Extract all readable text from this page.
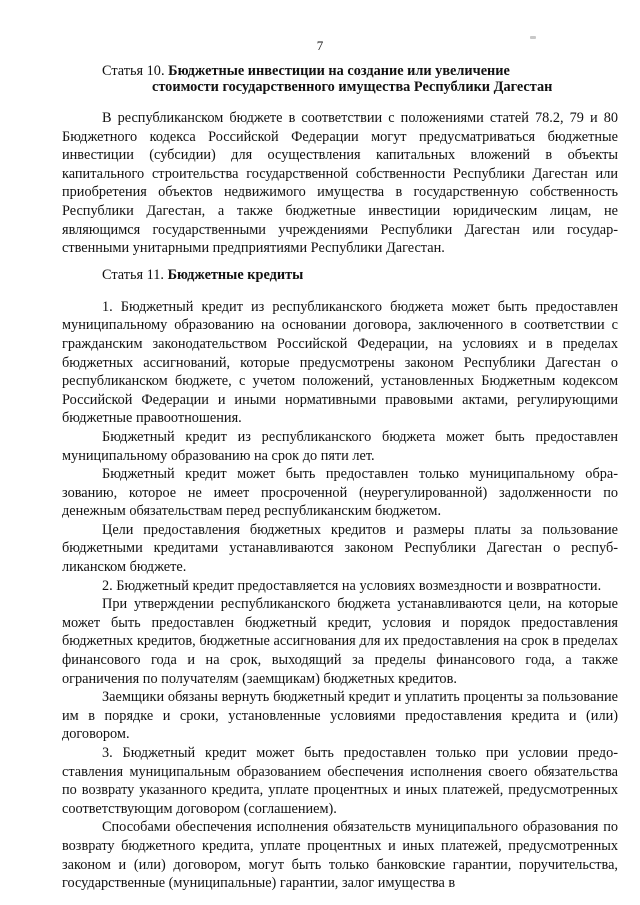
7
Статья 10. Бюджетные инвестиции на создание или увеличение
стоимости государственного имущества Республики Дагестан

В республиканском бюджете в соответствии с положениями статей 78.2, 79 и 80 Бюджетного кодекса Российской Федерации могут предусматриваться бюджетные инвестиции (субсидии) для осуществления капитальных вложений в объекты капитального строительства государственной собственности Республики Дагестан или приобретения объектов недвижимого имущества в государственную собственность Республики Дагестан, а также бюджетные инвестиции юридическим лицам, не являющимся государственными учреждениями Республики Дагестан или государственными унитарными предприятиями Республики Дагестан.

Статья 11. Бюджетные кредиты

1. Бюджетный кредит из республиканского бюджета может быть предоставлен муниципальному образованию на основании договора, заключенного в соответствии с гражданским законодательством Российской Федерации, на условиях и в пределах бюджетных ассигнований, которые предусмотрены законом Республики Дагестан о республиканском бюджете, с учетом положений, установленных Бюджетным кодексом Российской Федерации и иными нормативными правовыми актами, регулирующими бюджетные правоотношения.

Бюджетный кредит из республиканского бюджета может быть предоставлен муниципальному образованию на срок до пяти лет.

Бюджетный кредит может быть предоставлен только муниципальному образованию, которое не имеет просроченной (неурегулированной) задолженности по денежным обязательствам перед республиканским бюджетом.

Цели предоставления бюджетных кредитов и размеры платы за пользование бюджетными кредитами устанавливаются законом Республики Дагестан о республиканском бюджете.

2. Бюджетный кредит предоставляется на условиях возмездности и возвратности.

При утверждении республиканского бюджета устанавливаются цели, на которые может быть предоставлен бюджетный кредит, условия и порядок предоставления бюджетных кредитов, бюджетные ассигнования для их предоставления на срок в пределах финансового года и на срок, выходящий за пределы финансового года, а также ограничения по получателям (заемщикам) бюджетных кредитов.

Заемщики обязаны вернуть бюджетный кредит и уплатить проценты за пользование им в порядке и сроки, установленные условиями предоставления кредита и (или) договором.

3. Бюджетный кредит может быть предоставлен только при условии предоставления муниципальным образованием обеспечения исполнения своего обязательства по возврату указанного кредита, уплате процентных и иных платежей, предусмотренных соответствующим договором (соглашением).

Способами обеспечения исполнения обязательств муниципального образования по возврату бюджетного кредита, уплате процентных и иных платежей, предусмотренных законом и (или) договором, могут быть только банковские гарантии, поручительства, государственные (муниципальные) гарантии, залог имущества в
